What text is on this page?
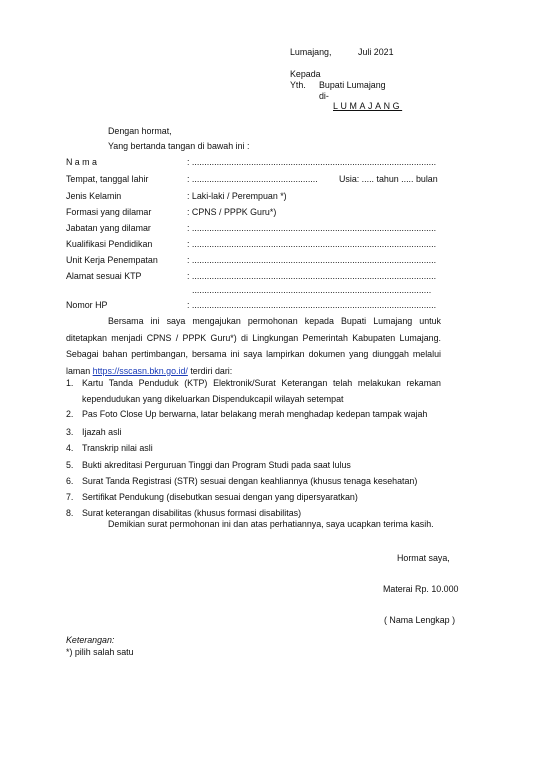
Lumajang,	Juli 2021
Kepada
Yth. Bupati Lumajang
di-
LUMAJANG
Dengan hormat,
Yang bertanda tangan di bawah ini :
Nama	: ...................................................................................................
Tempat, tanggal lahir	: ................................................... Usia: ..... tahun ..... bulan
Jenis Kelamin	: Laki-laki / Perempuan *)
Formasi yang dilamar	: CPNS / PPPK Guru*)
Jabatan yang dilamar	: ...................................................................................................
Kualifikasi Pendidikan	: ...................................................................................................
Unit Kerja Penempatan	: ...................................................................................................
Alamat sesuai KTP	: ...................................................................................................
.................................................................................................
Nomor HP	: ...................................................................................................
Bersama ini saya mengajukan permohonan kepada Bupati Lumajang untuk ditetapkan menjadi CPNS / PPPK Guru*) di Lingkungan Pemerintah Kabupaten Lumajang. Sebagai bahan pertimbangan, bersama ini saya lampirkan dokumen yang diunggah melalui laman https://sscasn.bkn.go.id/ terdiri dari:
1. Kartu Tanda Penduduk (KTP) Elektronik/Surat Keterangan telah melakukan rekaman kependudukan yang dikeluarkan Dispendukcapil wilayah setempat
2. Pas Foto Close Up berwarna, latar belakang merah menghadap kedepan tampak wajah
3. Ijazah asli
4. Transkrip nilai asli
5. Bukti akreditasi Perguruan Tinggi dan Program Studi pada saat lulus
6. Surat Tanda Registrasi (STR) sesuai dengan keahliannya (khusus tenaga kesehatan)
7. Sertifikat Pendukung (disebutkan sesuai dengan yang dipersyaratkan)
8. Surat keterangan disabilitas (khusus formasi disabilitas)
Demikian surat permohonan ini dan atas perhatiannya, saya ucapkan terima kasih.
Hormat saya,
Materai Rp. 10.000
( Nama Lengkap )
Keterangan:
*) pilih salah satu
